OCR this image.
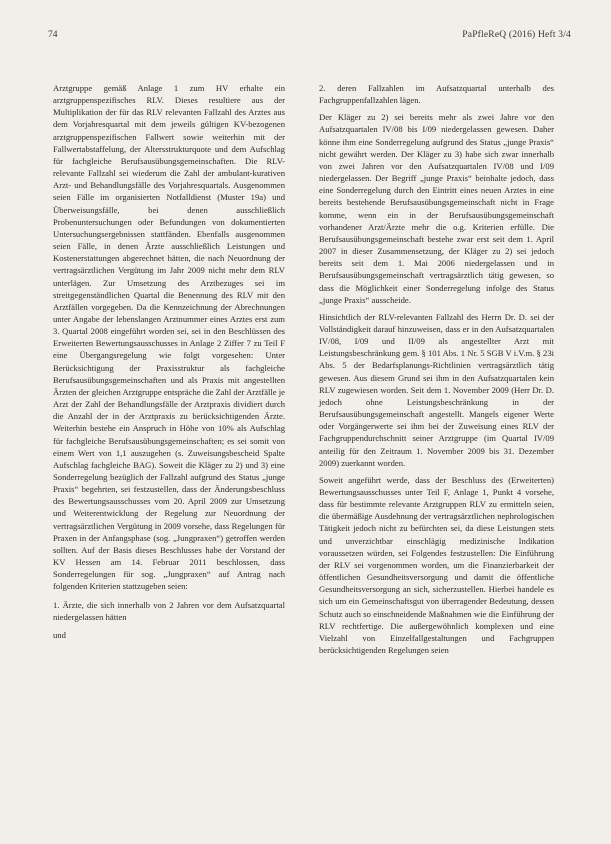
74	PaPfleReQ (2016) Heft 3/4

Arztgruppe gemäß Anlage 1 zum HV erhalte ein arztgruppenspezifisches RLV. Dieses resultiere aus der Multiplikation der für das RLV relevanten Fallzahl des Arztes aus dem Vorjahresquartal mit dem jeweils gültigen KV-bezogenen arztgruppenspezifischen Fallwert sowie weiterhin mit der Fallwertabstaffelung, der Altersstrukturquote und dem Aufschlag für fachgleiche Berufsausübungsgemeinschaften. Die RLV-relevante Fallzahl sei wiederum die Zahl der ambulant-kurativen Arzt- und Behandlungsfälle des Vorjahresquartals. Ausgenommen seien Fälle im organisierten Notfalldienst (Muster 19a) und Überweisungsfälle, bei denen ausschließlich Probenuntersuchungen oder Befundungen von dokumentierten Untersuchungsergebnissen stattfänden. Ebenfalls ausgenommen seien Fälle, in denen Ärzte ausschließlich Leistungen und Kostenerstattungen abgerechnet hätten, die nach Neuordnung der vertragsärztlichen Vergütung im Jahr 2009 nicht mehr dem RLV unterlägen. Zur Umsetzung des Arztbezuges sei im streitgegenständlichen Quartal die Benennung des RLV mit den Arztfällen vorgegeben. Da die Kennzeichnung der Abrechnungen unter Angabe der lebenslangen Arztnummer eines Arztes erst zum 3. Quartal 2008 eingeführt worden sei, sei in den Beschlüssen des Erweiterten Bewertungsausschusses in Anlage 2 Ziffer 7 zu Teil F eine Übergangsregelung wie folgt vorgesehen: Unter Berücksichtigung der Praxisstruktur als fachgleiche Berufsausübungsgemeinschaften und als Praxis mit angestellten Ärzten der gleichen Arztgruppe entspräche die Zahl der Arztfälle je Arzt der Zahl der Behandlungsfälle der Arztpraxis dividiert durch die Anzahl der in der Arztpraxis zu berücksichtigenden Ärzte. Weiterhin bestehe ein Anspruch in Höhe von 10% als Aufschlag für fachgleiche Berufsausübungsgemeinschaften; es sei somit von einem Wert von 1,1 auszugehen (s. Zuweisungsbescheid Spalte Aufschlag fachgleiche BAG). Soweit die Kläger zu 2) und 3) eine Sonderregelung bezüglich der Fallzahl aufgrund des Status „junge Praxis“ begehrten, sei festzustellen, dass der Änderungsbeschluss des Bewertungsausschusses vom 20. April 2009 zur Umsetzung und Weiterentwicklung der Regelung zur Neuordnung der vertragsärztlichen Vergütung in 2009 vorsehe, dass Regelungen für Praxen in der Anfangsphase (sog. „Jungpraxen“) getroffen werden sollten. Auf der Basis dieses Beschlusses habe der Vorstand der KV Hessen am 14. Februar 2011 beschlossen, dass Sonderregelungen für sog. „Jungpraxen“ auf Antrag nach folgenden Kriterien stattzugeben seien:

1. Ärzte, die sich innerhalb von 2 Jahren vor dem Aufsatzquartal niedergelassen hätten

und

2. deren Fallzahlen im Aufsatzquartal unterhalb des Fachgruppenfallzahlen lägen.

Der Kläger zu 2) sei bereits mehr als zwei Jahre vor den Aufsatzquartalen IV/08 bis I/09 niedergelassen gewesen. Daher könne ihm eine Sonderregelung aufgrund des Status „junge Praxis“ nicht gewährt werden. Der Kläger zu 3) habe sich zwar innerhalb von zwei Jahren vor den Aufsatzquartalen IV/08 und I/09 niedergelassen. Der Begriff „junge Praxis“ beinhalte jedoch, dass eine Sonderregelung durch den Eintritt eines neuen Arztes in eine bereits bestehende Berufsausübungsgemeinschaft nicht in Frage komme, wenn ein in der Berufsausübungsgemeinschaft vorhandener Arzt/Ärzte mehr die o.g. Kriterien erfülle. Die Berufsausübungsgemeinschaft bestehe zwar erst seit dem 1. April 2007 in dieser Zusammensetzung, der Kläger zu 2) sei jedoch bereits seit dem 1. Mai 2006 niedergelassen und in Berufsausübungsgemeinschaft vertragsärztlich tätig gewesen, so dass die Möglichkeit einer Sonderregelung infolge des Status „junge Praxis“ ausscheide.

Hinsichtlich der RLV-relevanten Fallzahl des Herrn Dr. D. sei der Vollständigkeit darauf hinzuweisen, dass er in den Aufsatzquartalen IV/08, I/09 und II/09 als angestellter Arzt mit Leistungsbeschränkung gem. § 101 Abs. 1 Nr. 5 SGB V i.V.m. § 23i Abs. 5 der Bedarfsplanungs-Richtlinien vertragsärztlich tätig gewesen. Aus diesem Grund sei ihm in den Aufsatzquartalen kein RLV zugewiesen worden. Seit dem 1. November 2009 (Herr Dr. D. jedoch ohne Leistungsbeschränkung in der Berufsausübungsgemeinschaft angestellt. Mangels eigener Werte oder Vorgängerwerte sei ihm bei der Zuweisung eines RLV der Fachgruppendurchschnitt seiner Arztgruppe (im Quartal IV/09 anteilig für den Zeitraum 1. November 2009 bis 31. Dezember 2009) zuerkannt worden.

Soweit angeführt werde, dass der Beschluss des (Erweiterten) Bewertungsausschusses unter Teil F, Anlage 1, Punkt 4 vorsehe, dass für bestimmte relevante Arztgruppen RLV zu ermitteln seien, die übermäßige Ausdehnung der vertragsärztlichen nephrologischen Tätigkeit jedoch nicht zu befürchten sei, da diese Leistungen stets und unverzichtbar einschlägig medizinische Indikation voraussetzen würden, sei Folgendes festzustellen: Die Einführung der RLV sei vorgenommen worden, um die Finanzierbarkeit der öffentlichen Gesundheitsversorgung und damit die öffentliche Gesundheitsversorgung an sich, sicherzustellen. Hierbei handele es sich um ein Gemeinschaftsgut von überragender Bedeutung, dessen Schutz auch so einschneidende Maßnahmen wie die Einführung der RLV rechtfertige. Die außergewöhnlich komplexen und eine Vielzahl von Einzelfallgestaltungen und Fachgruppen berücksichtigenden Regelungen seien
